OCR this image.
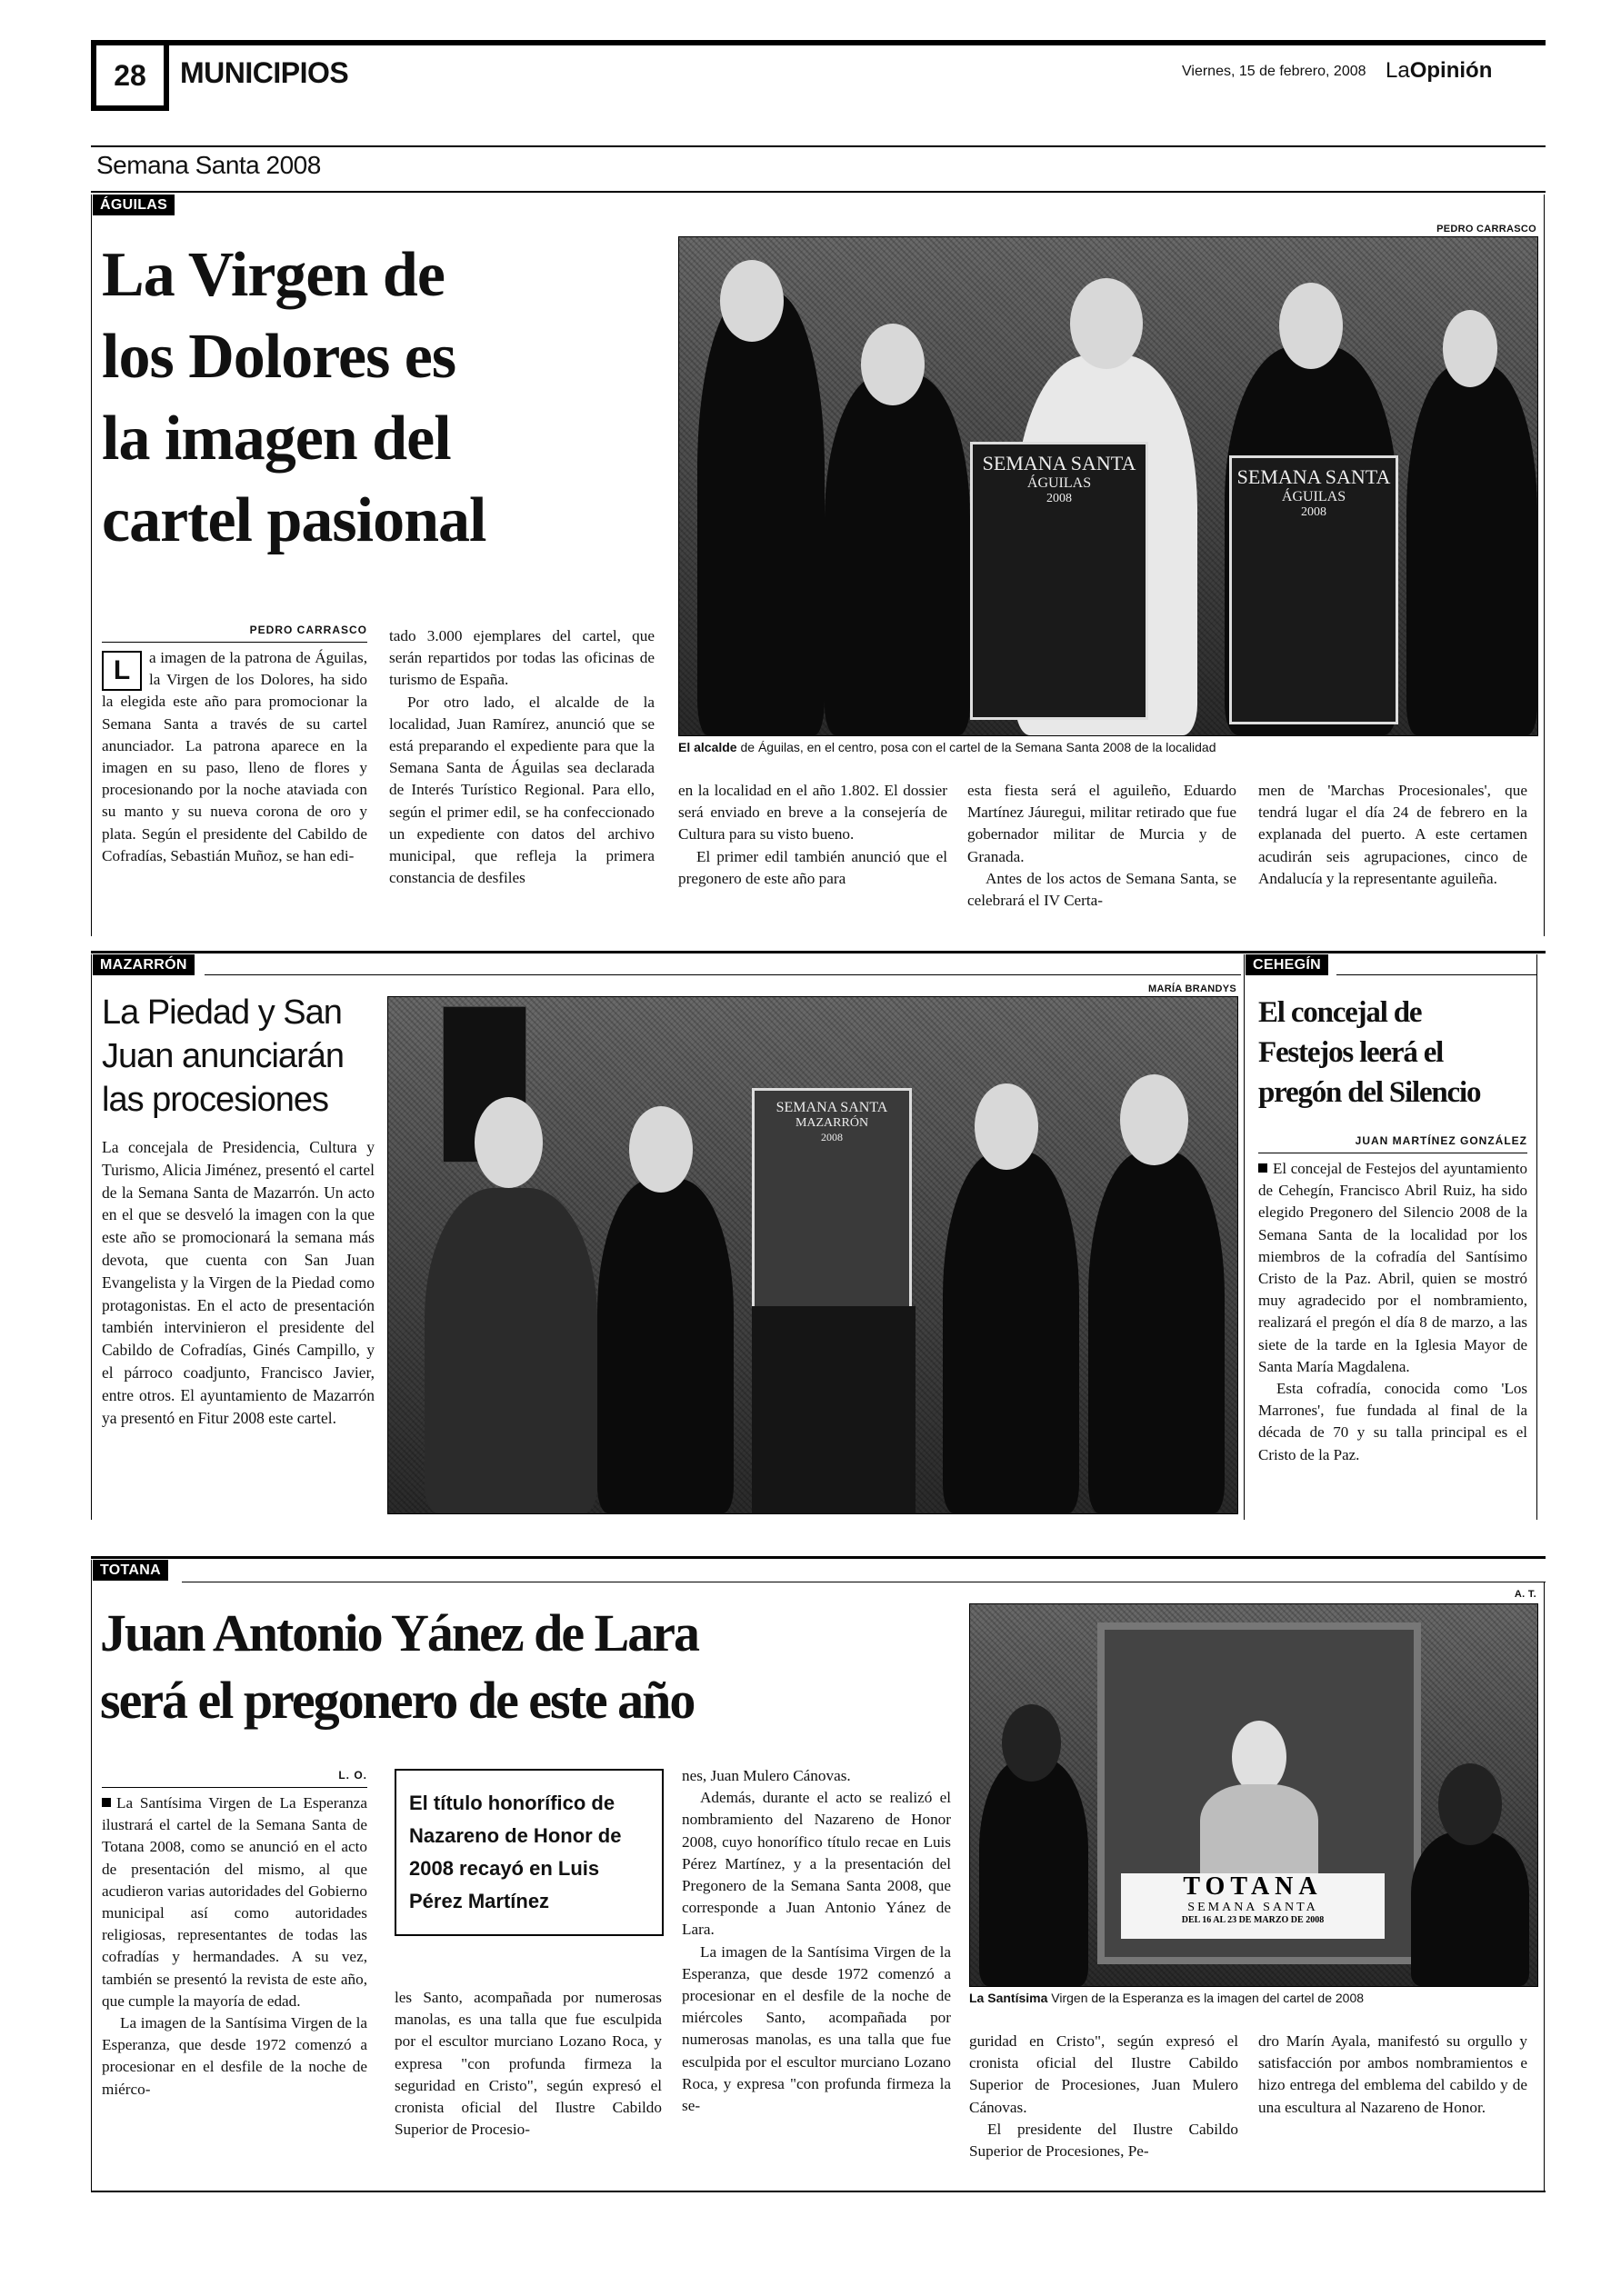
28 MUNICIPIOS	Viernes, 15 de febrero, 2008 LaOpinión
Semana Santa 2008
ÁGUILAS
La Virgen de
los Dolores es
la imagen del
cartel pasional
PEDRO CARRASCO
SEMANA SANTA
ÁGUILAS
2008
SEMANA SANTA
ÁGUILAS
2008
El alcalde de Águilas, en el centro, posa con el cartel de la Semana Santa 2008 de la localidad
PEDRO CARRASCO

L	a imagen de la patrona de Águilas, la Virgen de los Dolores, ha sido la elegida este año para promocionar la Semana Santa a través de su cartel anunciador. La patrona aparece en la imagen en su paso, lleno de flores y procesionando por la noche ataviada con su manto y su nueva corona de oro y plata. Según el presidente del Cabildo de Cofradías, Sebastián Muñoz, se han edi-

tado 3.000 ejemplares del cartel, que serán repartidos por todas las oficinas de turismo de España.

Por otro lado, el alcalde de la localidad, Juan Ramírez, anunció que se está preparando el expediente para que la Semana Santa de Águilas sea declarada de Interés Turístico Regional. Para ello, según el primer edil, se ha confeccionado un expediente con datos del archivo municipal, que refleja la primera constancia de desfiles

en la localidad en el año 1.802. El dossier será enviado en breve a la consejería de Cultura para su visto bueno.

El primer edil también anunció que el pregonero de este año para

esta fiesta será el aguileño, Eduardo Martínez Jáuregui, militar retirado que fue gobernador militar de Murcia y de Granada.

Antes de los actos de Semana Santa, se celebrará el IV Certa-

men de 'Marchas Procesionales', que tendrá lugar el día 24 de febrero en la explanada del puerto. A este certamen acudirán seis agrupaciones, cinco de Andalucía y la representante aguileña.

MAZARRÓN
La Piedad y San
Juan anunciarán
las procesiones

La concejala de Presidencia, Cultura y Turismo, Alicia Jiménez, presentó el cartel de la Semana Santa de Mazarrón. Un acto en el que se desveló la imagen con la que este año se promocionará la semana más devota, que cuenta con San Juan Evangelista y la Virgen de la Piedad como protagonistas. En el acto de presentación también intervinieron el presidente del Cabildo de Cofradías, Ginés Campillo, y el párroco coadjunto, Francisco Javier, entre otros. El ayuntamiento de Mazarrón ya presentó en Fitur 2008 este cartel.

MARÍA BRANDYS
SEMANA SANTA
MAZARRÓN
2008
CEHEGÍN
El concejal de
Festejos leerá el
pregón del Silencio
JUAN MARTÍNEZ GONZÁLEZ

El concejal de Festejos del ayuntamiento de Cehegín, Francisco Abril Ruiz, ha sido elegido Pregonero del Silencio 2008 de la Semana Santa de la localidad por los miembros de la cofradía del Santísimo Cristo de la Paz. Abril, quien se mostró muy agradecido por el nombramiento, realizará el pregón el día 8 de marzo, a las siete de la tarde en la Iglesia Mayor de Santa María Magdalena.

Esta cofradía, conocida como 'Los Marrones', fue fundada al final de la década de 70 y su talla principal es el Cristo de la Paz.

TOTANA
Juan Antonio Yánez de Lara
será el pregonero de este año
A. T.
TOTANA
SEMANA SANTA
DEL 16 AL 23 DE MARZO DE 2008
La Santísima Virgen de la Esperanza es la imagen del cartel de 2008
L. O.

La Santísima Virgen de La Esperanza ilustrará el cartel de la Semana Santa de Totana 2008, como se anunció en el acto de presentación del mismo, al que acudieron varias autoridades del Gobierno municipal así como autoridades religiosas, representantes de todas las cofradías y hermandades. A su vez, también se presentó la revista de este año, que cumple la mayoría de edad.

La imagen de la Santísima Virgen de la Esperanza, que desde 1972 comenzó a procesionar en el desfile de la noche de miérco-

El título honorífico de Nazareno de Honor de 2008 recayó en Luis Pérez Martínez

les Santo, acompañada por numerosas manolas, es una talla que fue esculpida por el escultor murciano Lozano Roca, y expresa "con profunda firmeza la seguridad en Cristo", según expresó el cronista oficial del Ilustre Cabildo Superior de Procesio-

nes, Juan Mulero Cánovas.

Además, durante el acto se realizó el nombramiento del Nazareno de Honor 2008, cuyo honorífico título recae en Luis Pérez Martínez, y a la presentación del Pregonero de la Semana Santa 2008, que corresponde a Juan Antonio Yánez de Lara.

La imagen de la Santísima Virgen de la Esperanza, que desde 1972 comenzó a procesionar en el desfile de la noche de miércoles Santo, acompañada por numerosas manolas, es una talla que fue esculpida por el escultor murciano Lozano Roca, y expresa "con profunda firmeza la se-

guridad en Cristo", según expresó el cronista oficial del Ilustre Cabildo Superior de Procesiones, Juan Mulero Cánovas.

El presidente del Ilustre Cabildo Superior de Procesiones, Pe-

dro Marín Ayala, manifestó su orgullo y satisfacción por ambos nombramientos e hizo entrega del emblema del cabildo y de una escultura al Nazareno de Honor.
